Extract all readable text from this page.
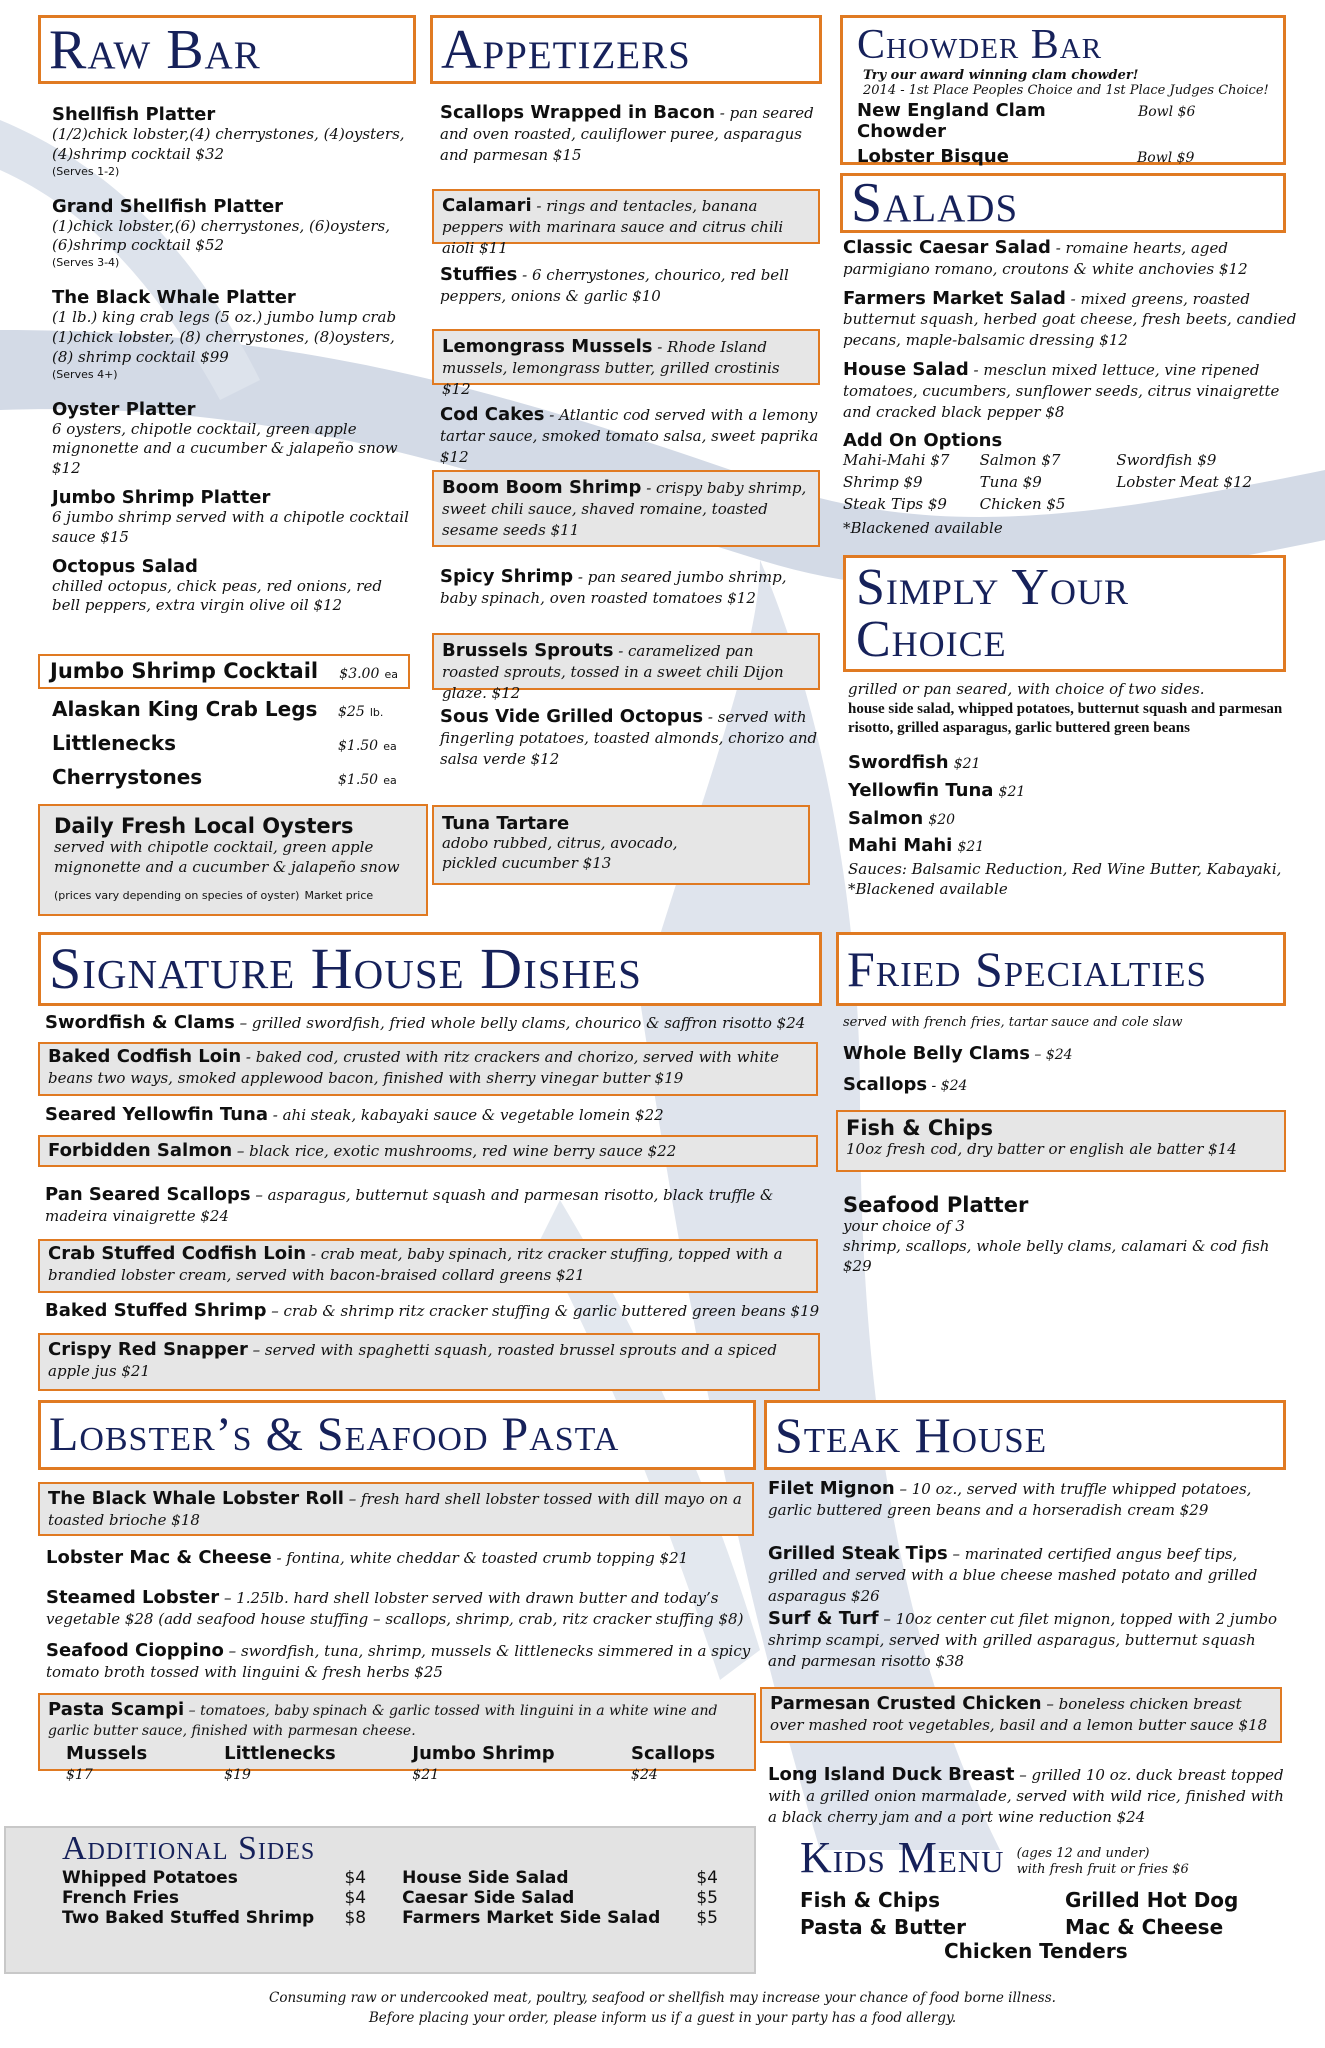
Raw Bar
Shellfish Platter
(1/2)chick lobster,(4) cherrystones, (4)oysters, (4)shrimp cocktail $32
(Serves 1-2)
Grand Shellfish Platter
(1)chick lobster,(6) cherrystones, (6)oysters, (6)shrimp cocktail $52
(Serves 3-4)
The Black Whale Platter
(1 lb.) king crab legs (5 oz.) jumbo lump crab (1)chick lobster, (8) cherrystones, (8)oysters, (8) shrimp cocktail $99
(Serves 4+)
Oyster Platter
6 oysters, chipotle cocktail, green apple mignonette and a cucumber & jalapeño snow $12
Jumbo Shrimp Platter
6 jumbo shrimp served with a chipotle cocktail sauce $15
Octopus Salad
chilled octopus, chick peas, red onions, red bell peppers, extra virgin olive oil $12
Jumbo Shrimp Cocktail $3.00 ea
Alaskan King Crab Legs $25 lb.
Littlenecks	$1.50 ea
Cherrystones	$1.50 ea
Daily Fresh Local Oysters
served with chipotle cocktail, green apple mignonette and a cucumber & jalapeño snow
(prices vary depending on species of oyster) Market price
Appetizers
Scallops Wrapped in Bacon - pan seared and oven roasted, cauliflower puree, asparagus and parmesan $15
Calamari - rings and tentacles, banana peppers with marinara sauce and citrus chili aioli $11
Stuffies - 6 cherrystones, chourico, red bell peppers, onions & garlic $10
Lemongrass Mussels - Rhode Island mussels, lemongrass butter, grilled crostinis $12
Cod Cakes - Atlantic cod served with a lemony tartar sauce, smoked tomato salsa, sweet paprika $12
Boom Boom Shrimp - crispy baby shrimp, sweet chili sauce, shaved romaine, toasted sesame seeds $11
Spicy Shrimp - pan seared jumbo shrimp, baby spinach, oven roasted tomatoes $12
Brussels Sprouts - caramelized pan roasted sprouts, tossed in a sweet chili Dijon glaze. $12
Sous Vide Grilled Octopus - served with fingerling potatoes, toasted almonds, chorizo and salsa verde $12
Tuna Tartare
adobo rubbed, citrus, avocado, pickled cucumber $13
Chowder Bar
Try our award winning clam chowder!
2014 - 1st Place Peoples Choice and 1st Place Judges Choice!
New England Clam Chowder
Bowl $6
Lobster Bisque	Bowl $9
Salads
Classic Caesar Salad - romaine hearts, aged parmigiano romano, croutons & white anchovies $12
Farmers Market Salad - mixed greens, roasted butternut squash, herbed goat cheese, fresh beets, candied pecans, maple-balsamic dressing $12
House Salad - mesclun mixed lettuce, vine ripened tomatoes, cucumbers, sunflower seeds, citrus vinaigrette and cracked black pepper $8
Add On Options
Mahi-Mahi $7	Salmon $7	Swordfish $9
Shrimp $9	Tuna $9	Lobster Meat $12
Steak Tips $9	Chicken $5
*Blackened available
Simply Your
Choice
grilled or pan seared, with choice of two sides.
house side salad, whipped potatoes, butternut squash and parmesan risotto, grilled asparagus, garlic buttered green beans
Swordfish $21
Yellowfin Tuna $21
Salmon $20
Mahi Mahi $21
Sauces: Balsamic Reduction, Red Wine Butter, Kabayaki,
*Blackened available
Signature House Dishes
Swordfish & Clams – grilled swordfish, fried whole belly clams, chourico & saffron risotto $24
Baked Codfish Loin - baked cod, crusted with ritz crackers and chorizo, served with white beans two ways, smoked applewood bacon, finished with sherry vinegar butter $19
Seared Yellowfin Tuna - ahi steak, kabayaki sauce & vegetable lomein $22
Forbidden Salmon – black rice, exotic mushrooms, red wine berry sauce $22
Pan Seared Scallops – asparagus, butternut squash and parmesan risotto, black truffle & madeira vinaigrette $24
Crab Stuffed Codfish Loin - crab meat, baby spinach, ritz cracker stuffing, topped with a brandied lobster cream, served with bacon-braised collard greens $21
Baked Stuffed Shrimp – crab & shrimp ritz cracker stuffing & garlic buttered green beans $19
Crispy Red Snapper – served with spaghetti squash, roasted brussel sprouts and a spiced apple jus $21
Fried Specialties
served with french fries, tartar sauce and cole slaw
Whole Belly Clams – $24
Scallops - $24
Fish & Chips
10oz fresh cod, dry batter or english ale batter $14
Seafood Platter
your choice of 3
shrimp, scallops, whole belly clams, calamari & cod fish $29
Lobster’s & Seafood Pasta
The Black Whale Lobster Roll – fresh hard shell lobster tossed with dill mayo on a toasted brioche $18
Lobster Mac & Cheese - fontina, white cheddar & toasted crumb topping $21
Steamed Lobster – 1.25lb. hard shell lobster served with drawn butter and today’s vegetable $28 (add seafood house stuffing – scallops, shrimp, crab, ritz cracker stuffing $8)
Seafood Cioppino – swordfish, tuna, shrimp, mussels & littlenecks simmered in a spicy tomato broth tossed with linguini & fresh herbs $25
Pasta Scampi – tomatoes, baby spinach & garlic tossed with linguini in a white wine and garlic butter sauce, finished with parmesan cheese.
Mussels $17
Littlenecks $19
Jumbo Shrimp $21
Scallops $24
Steak House
Filet Mignon – 10 oz., served with truffle whipped potatoes, garlic buttered green beans and a horseradish cream $29
Grilled Steak Tips – marinated certified angus beef tips, grilled and served with a blue cheese mashed potato and grilled asparagus $26
Surf & Turf – 10oz center cut filet mignon, topped with 2 jumbo shrimp scampi, served with grilled asparagus, butternut squash and parmesan risotto $38
Parmesan Crusted Chicken – boneless chicken breast over mashed root vegetables, basil and a lemon butter sauce $18
Long Island Duck Breast – grilled 10 oz. duck breast topped with a grilled onion marmalade, served with wild rice, finished with a black cherry jam and a port wine reduction $24
Additional Sides
Whipped Potatoes	$4
French Fries	$4
Two Baked Stuffed Shrimp $8
House Side Salad	$4
Caesar Side Salad	$5
Farmers Market Side Salad $5
Kids Menu (ages 12 and under)
with fresh fruit or fries $6
Fish & Chips	Grilled Hot Dog
Pasta & Butter	Mac & Cheese
Chicken Tenders
Consuming raw or undercooked meat, poultry, seafood or shellfish may increase your chance of food borne illness.
Before placing your order, please inform us if a guest in your party has a food allergy.
